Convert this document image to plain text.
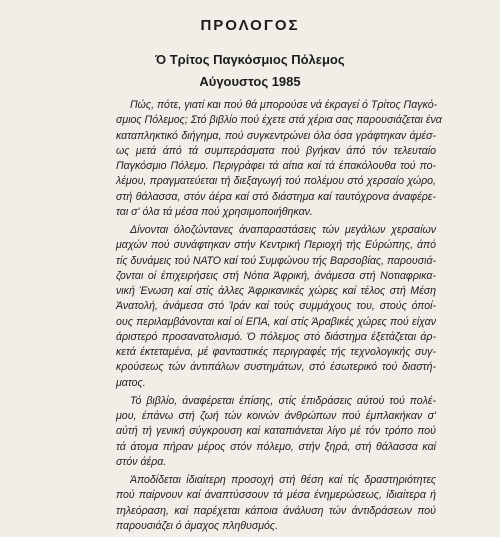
ΠΡΟΛΟΓΟΣ
Ό Τρίτος Παγκόσμιος Πόλεμος
Αύγουστος 1985

Πώς, πότε, γιατί και πού θά μπορούσε νά έκραγεί ό Τρίτος Παγκό-
σμιος Πόλεμος; Στό βιβλίο πού έχετε στά χέρια σας παρουσιάζεται ένα
καταπληκτικό διήγημα, πού συγκεντρώνει όλα όσα γράφτηκαν άμέσ-
ως μετά άπό τά συμπεράσματα πού βγήκαν άπό τόν τελευταίο
Παγκόσμιο Πόλεμο. Περιγράφει τά αίτια καί τά έπακόλουθα τού πο-
λέμου, πραγματεύεται τή διεξαγωγή τού πολέμου στό χερσαίο χώρο,
στή θάλασσα, στόν άέρα καί στό διάστημα καί ταυτόχρονα άναφέρε-
ται σ' όλα τά μέσα πού χρησιμοποιήθηκαν.

Δίνονται όλοζώντανες άναπαραστάσεις τών μεγάλων χερσαίων
μαχών πού συνάφτηκαν στήν Κεντρική Περιοχή τής Εύρώπης, άπό
τίς δυνάμεις τού ΝΑΤΟ καί τού Συμφώνου τής Βαρσοβίας, παρουσιά-
ζονται οί έπιχειρήσεις στή Νότια Άφρική, άνάμεσα στή Νοτιαφρικα-
νική Ένωση καί στίς άλλες Άφρικανικές χώρες καί τέλος στή Μέση
Άνατολή, άνάμεσα στό Ίράν καί τούς συμμάχους του, στούς όποί-
ους περιλαμβάνονται καί οί ΕΠΑ, καί στίς Άραβικές χώρες πού είχαν
άριστερό προσανατολισμό. Ό πόλεμος στό διάστημα έξετάζεται άρ-
κετά έκτεταμένα, μέ φανταστικές περιγραφές τής τεχνολογικής συγ-
κρούσεως τών άντιπάλων συστημάτων, στό έσωτερικό τού διαστή-
ματος.

Τό βιβλίο, άναφέρεται έπίσης, στίς έπιδράσεις αύτού τού πολέ-
μου, έπάνω στή ζωή τών κοινών άνθρώπων πού έμπλακήκαν σ'
αύτή τή γενική σύγκρουση καί καταπιάνεται λίγο μέ τόν τρόπο πού
τά άτομα πήραν μέρος στόν πόλεμο, στήν ξηρά, στή θάλασσα καί
στόν άέρα.

Άποδίδεται ίδιαίτερη προσοχή στή θέση καί τίς δραστηριότητες
πού παίρνουν καί άναπτύσσουν τά μέσα ένημερώσεως, ίδιαίτερα ή
τηλεόραση, καί παρέχεται κάποια άνάλυση τών άντιδράσεων πού
παρουσιάζει ό άμαχος πληθυσμός.
